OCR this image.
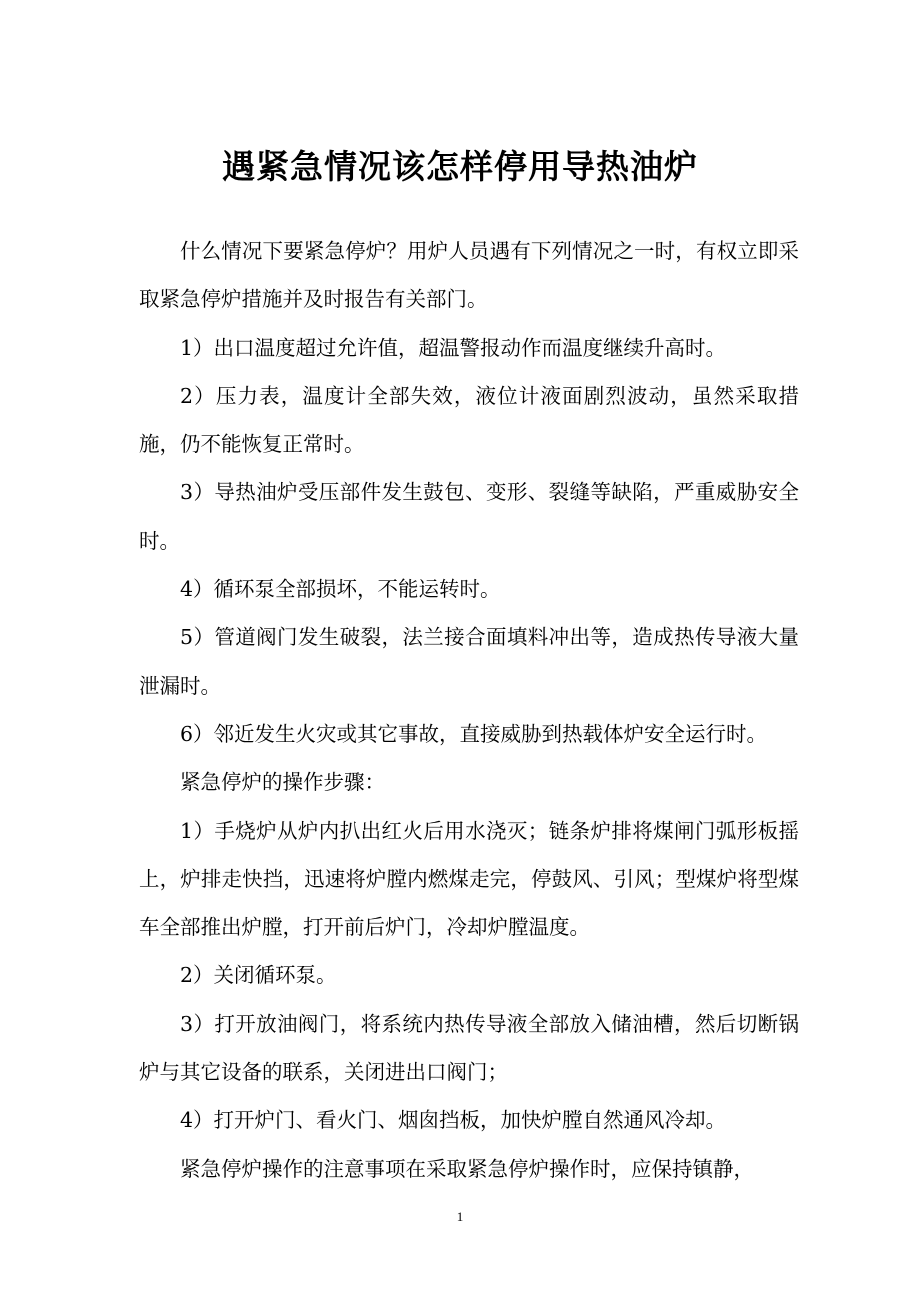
遇紧急情况该怎样停用导热油炉

什么情况下要紧急停炉？用炉人员遇有下列情况之一时，有权立即采取紧急停炉措施并及时报告有关部门。

1）出口温度超过允许值，超温警报动作而温度继续升高时。

2）压力表，温度计全部失效，液位计液面剧烈波动，虽然采取措施，仍不能恢复正常时。

3）导热油炉受压部件发生鼓包、变形、裂缝等缺陷，严重威胁安全时。

4）循环泵全部损坏，不能运转时。

5）管道阀门发生破裂，法兰接合面填料冲出等，造成热传导液大量泄漏时。

6）邻近发生火灾或其它事故，直接威胁到热载体炉安全运行时。

紧急停炉的操作步骤：

1）手烧炉从炉内扒出红火后用水浇灭；链条炉排将煤闸门弧形板摇上，炉排走快挡，迅速将炉膛内燃煤走完，停鼓风、引风；型煤炉将型煤车全部推出炉膛，打开前后炉门，冷却炉膛温度。

2）关闭循环泵。

3）打开放油阀门，将系统内热传导液全部放入储油槽，然后切断锅炉与其它设备的联系，关闭进出口阀门；

4）打开炉门、看火门、烟囱挡板，加快炉膛自然通风冷却。

紧急停炉操作的注意事项在采取紧急停炉操作时，应保持镇静，

1
